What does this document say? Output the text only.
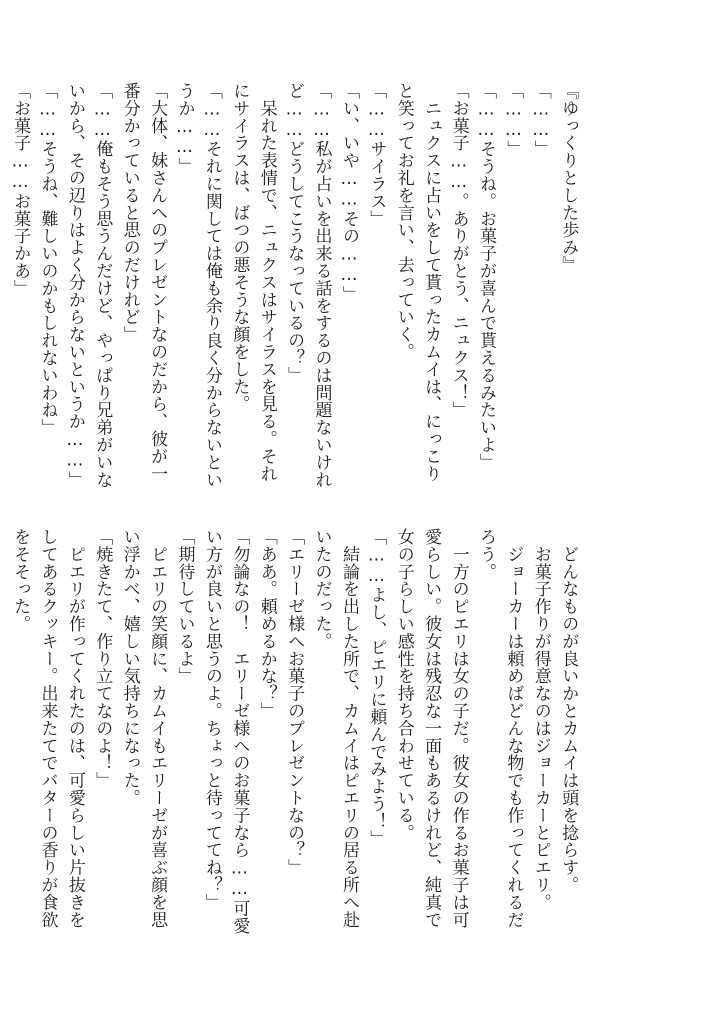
『ゆっくりとした歩み』
「……」
「……」
「……そうね。お菓子が喜んで貰えるみたいよ」
「お菓子……。ありがとう、ニュクス！」
　ニュクスに占いをして貰ったカムイは、にっこり
と笑ってお礼を言い、去っていく。
「……サイラス」
「い、いや……その……」
「……私が占いを出来る話をするのは問題ないけれ
ど……どうしてこうなっているの？」
　呆れた表情で、ニュクスはサイラスを見る。それ
にサイラスは、ばつの悪そうな顔をした。
「……それに関しては俺も余り良く分からないとい
うか……」
「大体、妹さんへのプレゼントなのだから、彼が一
番分かっていると思のだけれど」
「……俺もそう思うんだけど、やっぱり兄弟がいな
いから、その辺りはよく分からないというか……」
「……そうね、難しいのかもしれないわね」
「お菓子……お菓子かあ」

　どんなものが良いかとカムイは頭を捻らす。
　お菓子作りが得意なのはジョーカーとピエリ。
　ジョーカーは頼めばどんな物でも作ってくれるだ
ろう。
　一方のピエリは女の子だ。彼女の作るお菓子は可
愛らしい。彼女は残忍な一面もあるけれど、純真で
女の子らしい感性を持ち合わせている。
「……よし、ピエリに頼んでみよう！」
　結論を出した所で、カムイはピエリの居る所へ赴
いたのだった。
「エリーゼ様へお菓子のプレゼントなの？」
「ああ。頼めるかな？」
「勿論なの！　エリーゼ様へのお菓子なら……可愛
い方が良いと思うのよ。ちょっと待っててね？」
「期待しているよ」
　ピエリの笑顔に、カムイもエリーゼが喜ぶ顔を思
い浮かべ、嬉しい気持ちになった。
「焼きたて、作り立てなのよ！」
　ピエリが作ってくれたのは、可愛らしい片抜きを
してあるクッキー。出来たてでバターの香りが食欲
をそそった。
